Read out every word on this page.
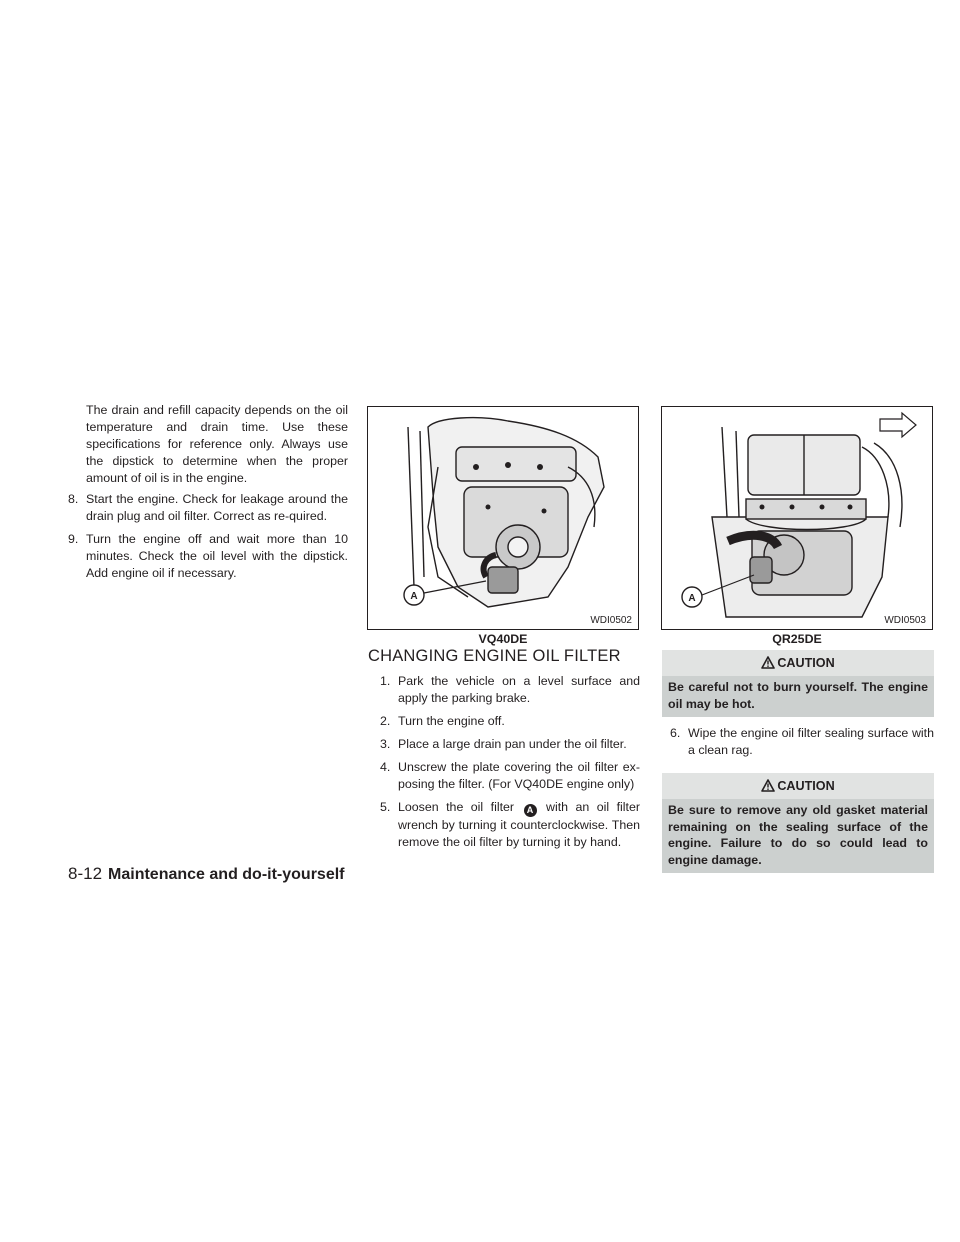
The drain and refill capacity depends on the oil temperature and drain time. Use these specifications for reference only. Always use the dipstick to determine when the proper amount of oil is in the engine.

8. Start the engine. Check for leakage around the drain plug and oil filter. Correct as re-quired.
9. Turn the engine off and wait more than 10 minutes. Check the oil level with the dipstick. Add engine oil if necessary.
A
WDI0502
VQ40DE
A
WDI0503
QR25DE
CHANGING ENGINE OIL FILTER
1. Park the vehicle on a level surface and apply the parking brake.
2. Turn the engine off.
3. Place a large drain pan under the oil filter.
4. Unscrew the plate covering the oil filter ex-posing the filter. (For VQ40DE engine only)
5. Loosen the oil filter A with an oil filter wrench by turning it counterclockwise. Then remove the oil filter by turning it by hand.
CAUTION
Be careful not to burn yourself. The engine oil may be hot.
6. Wipe the engine oil filter sealing surface with a clean rag.
CAUTION
Be sure to remove any old gasket material remaining on the sealing surface of the engine. Failure to do so could lead to engine damage.
8-12 Maintenance and do-it-yourself
